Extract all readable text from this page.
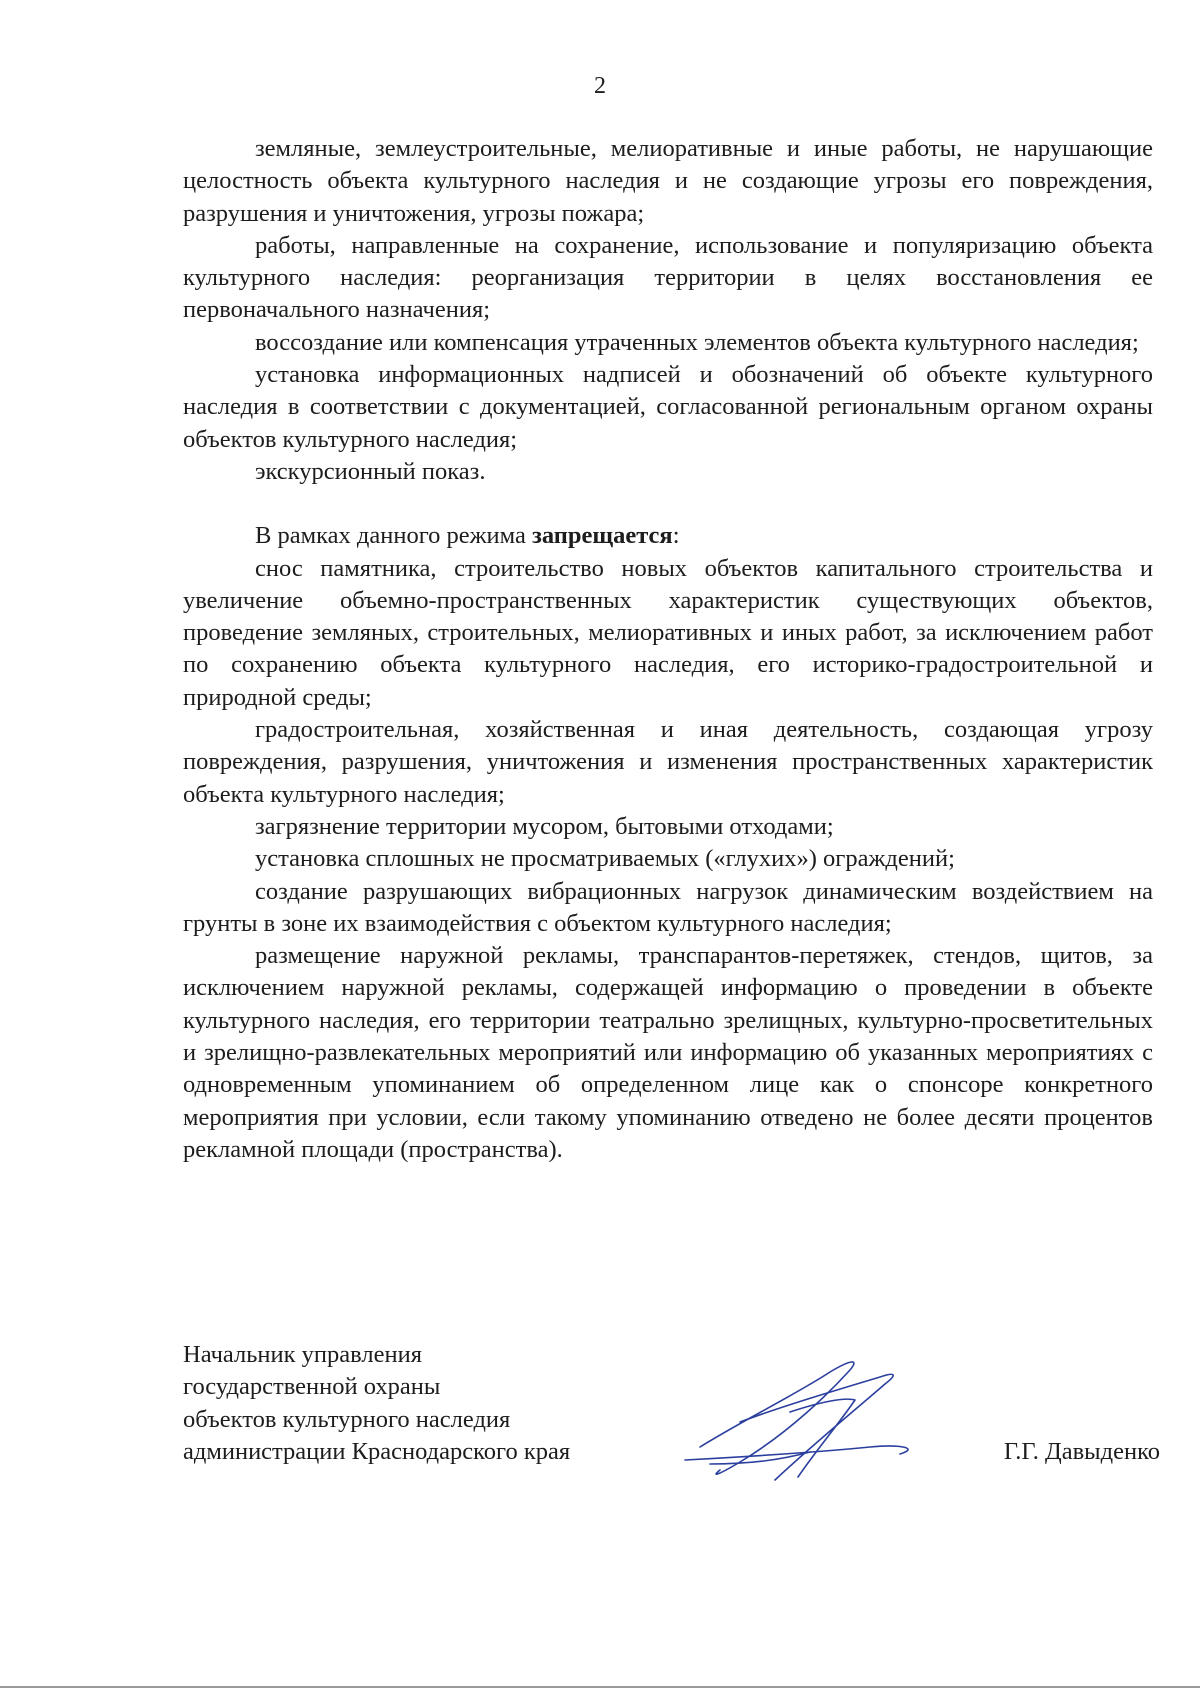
2

земляные, землеустроительные, мелиоративные и иные работы, не нарушающие целостность объекта культурного наследия и не создающие угрозы его повреждения, разрушения и уничтожения, угрозы пожара;

работы, направленные на сохранение, использование и популяризацию объекта культурного наследия: реорганизация территории в целях восстановления ее первоначального назначения;

воссоздание или компенсация утраченных элементов объекта культурного наследия;

установка информационных надписей и обозначений об объекте культурного наследия в соответствии с документацией, согласованной региональным органом охраны объектов культурного наследия;

экскурсионный показ.

В рамках данного режима запрещается:

снос памятника, строительство новых объектов капитального строительства и увеличение объемно-пространственных характеристик существующих объектов, проведение земляных, строительных, мелиоративных и иных работ, за исключением работ по сохранению объекта культурного наследия, его историко-градостроительной и природной среды;

градостроительная, хозяйственная и иная деятельность, создающая угрозу повреждения, разрушения, уничтожения и изменения пространственных характеристик объекта культурного наследия;

загрязнение территории мусором, бытовыми отходами;

установка сплошных не просматриваемых («глухих») ограждений;

создание разрушающих вибрационных нагрузок динамическим воздействием на грунты в зоне их взаимодействия с объектом культурного наследия;

размещение наружной рекламы, транспарантов-перетяжек, стендов, щитов, за исключением наружной рекламы, содержащей информацию о проведении в объекте культурного наследия, его территории театрально зрелищных, культурно-просветительных и зрелищно-развлекательных мероприятий или информацию об указанных мероприятиях с одновременным упоминанием об определенном лице как о спонсоре конкретного мероприятия при условии, если такому упоминанию отведено не более десяти процентов рекламной площади (пространства).

Начальник управления
государственной охраны
объектов культурного наследия
администрации Краснодарского края	Г.Г. Давыденко
